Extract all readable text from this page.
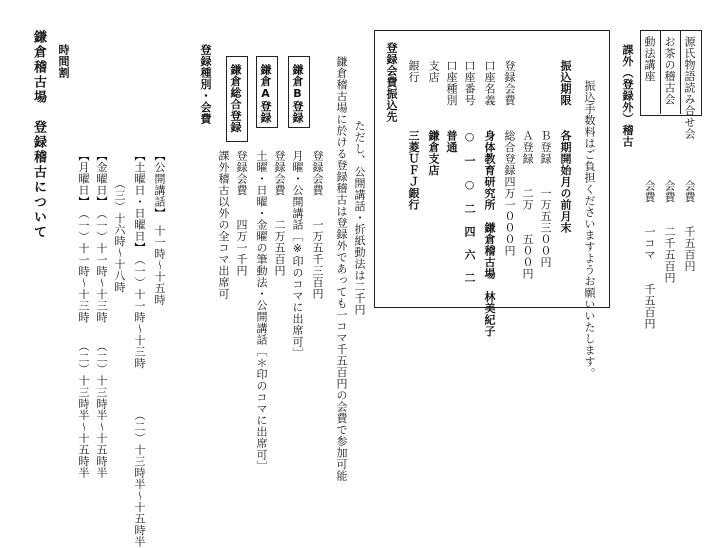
鎌倉稽古場　登録稽古について 時間割
【月曜日】　（一）十一時～十三時　　（二）十三時半～十五時半 【金曜日】　（一）十一時～十三時　　（二）十三時半～十五時半 （三）十六時～十八時 【土曜日・日曜日】　（一）十一時～十三時　　　　（二）十三時半～十五時半 【公開講話】　十一時～十五時
登録種別・会費 鎌倉総合登録
課外稽古以外の全コマ出席可 登録会費　　四万一千円
鎌倉A登録
土曜・日曜・金曜の筆動法・公開講話［＊印のコマに出席可］ 登録会費　　二万五百円
鎌倉B登録
月曜・公開講話［※印のコマに出席可］ 登録会費　　一万五千三百円 鎌倉稽古場に於ける登録稽古は登録外であっても一コマ千五百円の会費で参加可能 ただし、公開講話・折紙動法は二千円
登録会費振込先 銀行 支店 口座種別 口座番号 口座名義 登録会費	振込期限
三菱ＵＦＪ銀行 鎌倉支店 普通 ○　一　○　二　四　六　二 身体教育研究所　鎌倉稽古場　林美紀子 総合登録四万一０００円 Ａ登録　　二万　　五００円 Ｂ登録　　一万五三００円 各期開始月の前月末 振込手数料はご負担くださいますようお願いいたします。 課外（登録外）稽古 動法講座 お茶の稽古会 源氏物語読み合せ会
会費　　一コマ　　千五百円 会費　　二千五百円 会費　　千五百円
